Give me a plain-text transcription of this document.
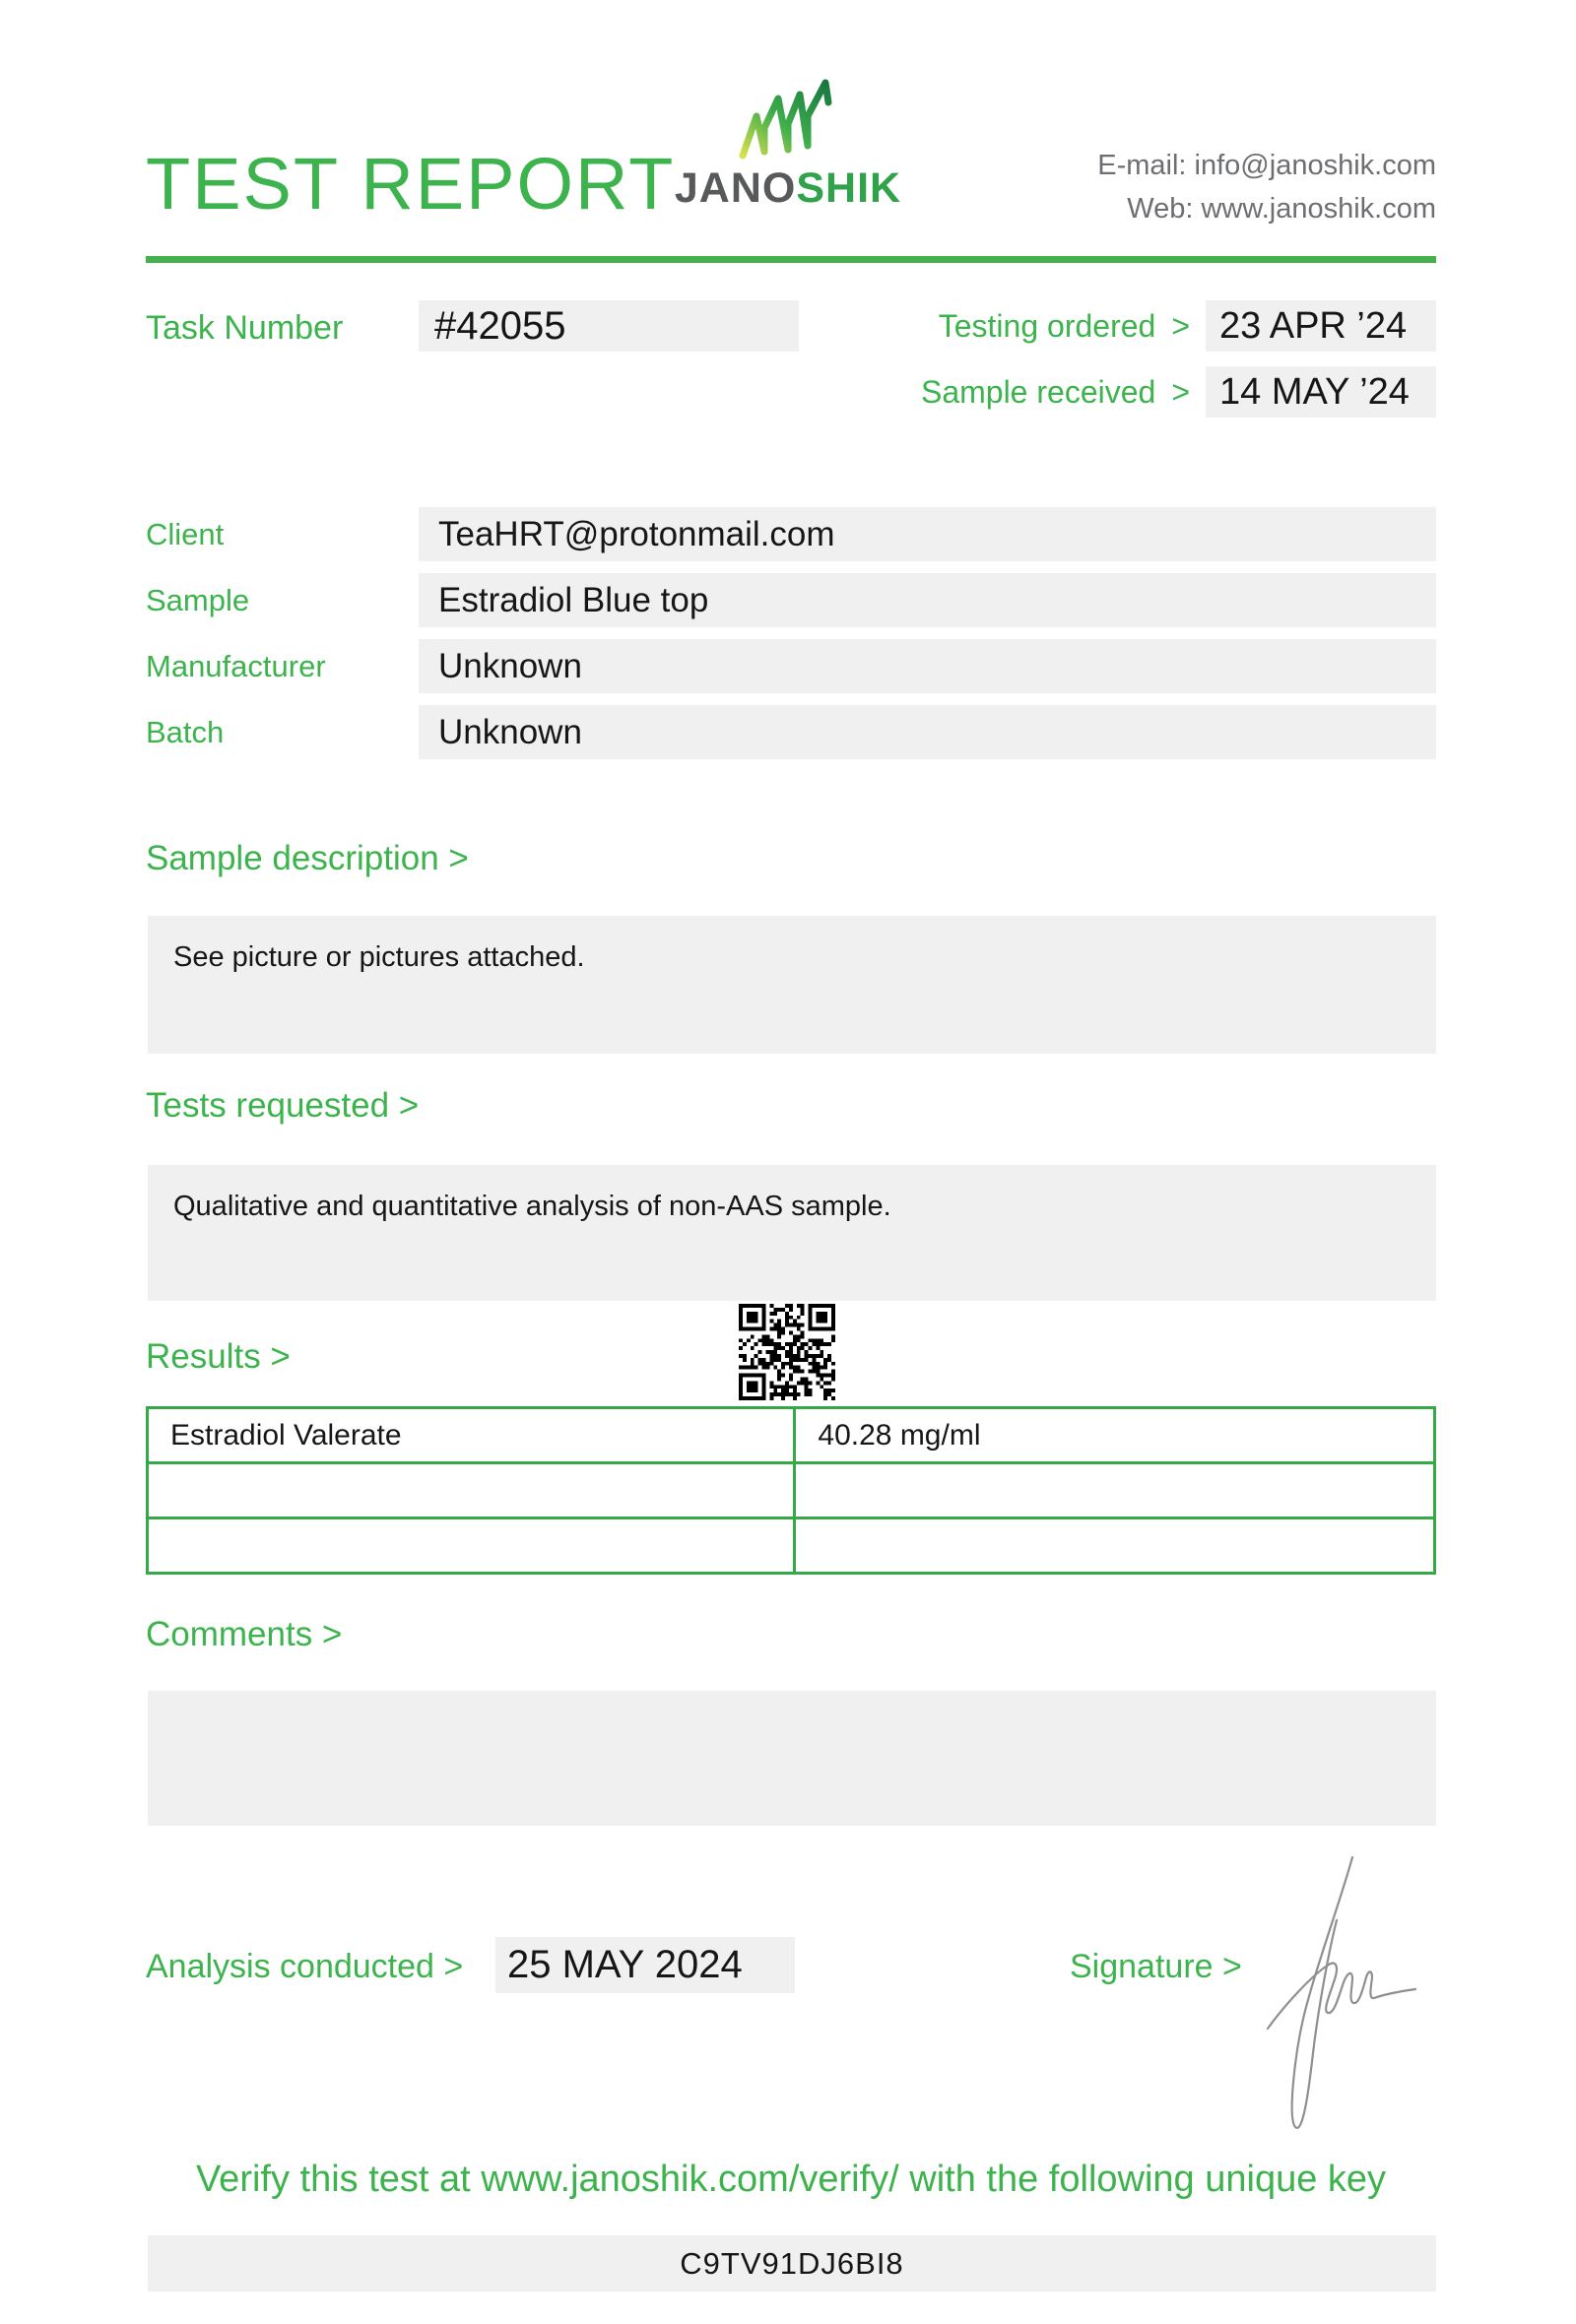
TEST REPORT JANOSHIK	E-mail: info@janoshik.com
Web: www.janoshik.com
Task Number	#42055	Testing ordered > 23 APR ’24
Sample received > 14 MAY ’24
Client	TeaHRT@protonmail.com
Sample	Estradiol Blue top
Manufacturer	Unknown
Batch	Unknown
Sample description >
See picture or pictures attached.
Tests requested >
Qualitative and quantitative analysis of non-AAS sample.
Results >
Estradiol Valerate	40.28 mg/ml

Comments >
Analysis conducted >	25 MAY 2024	Signature >
Verify this test at www.janoshik.com/verify/ with the following unique key
C9TV91DJ6BI8
